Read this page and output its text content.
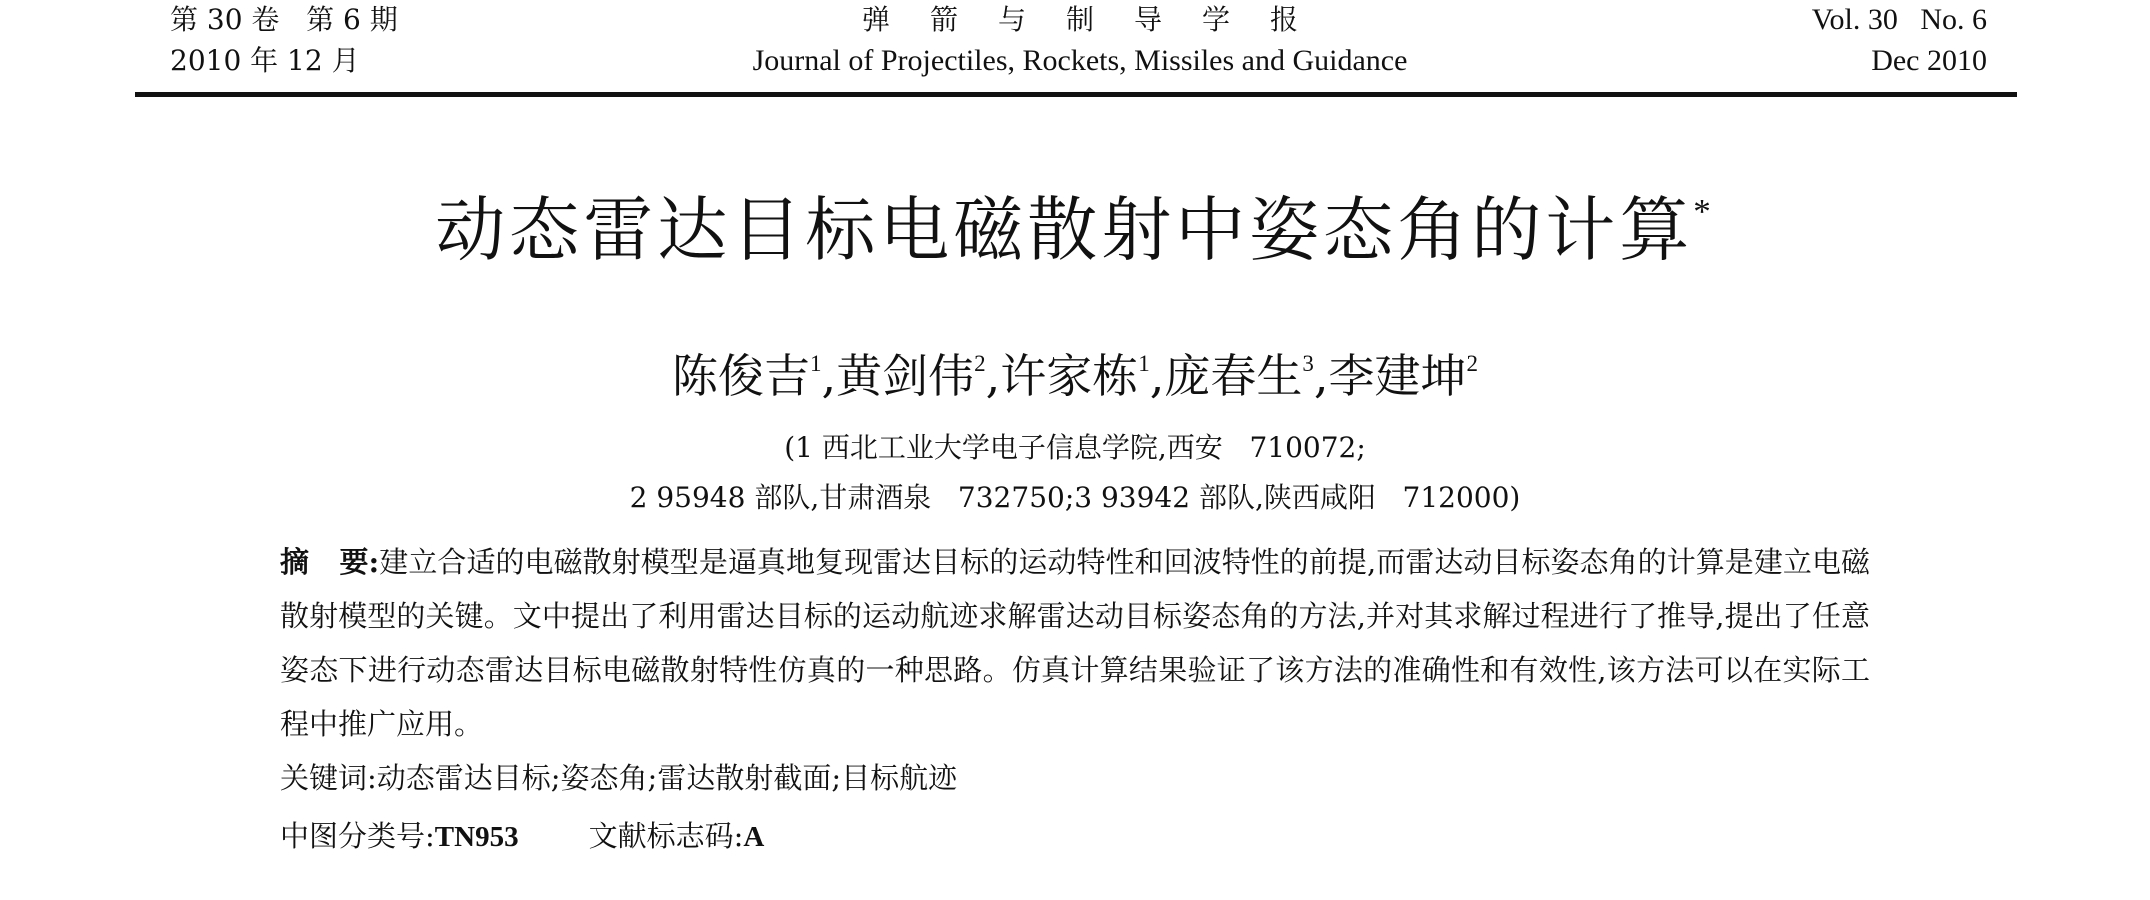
第 30 卷   第 6 期
2010 年 12 月
弹箭与制导学报
Journal of Projectiles, Rockets, Missiles and Guidance
Vol. 30   No. 6
Dec 2010
动态雷达目标电磁散射中姿态角的计算*
陈俊吉$^1$,黄剑伟$^2$,许家栋$^1$,庞春生$^3$,李建坤$^2$
(1 西北工业大学电子信息学院,西安   710072;
2 95948 部队,甘肃酒泉   732750;3 93942 部队,陕西咸阳   712000)
摘   要:建立合适的电磁散射模型是逼真地复现雷达目标的运动特性和回波特性的前提,而雷达动目标姿态角的计算是建立电磁散射模型的关键。文中提出了利用雷达目标的运动航迹求解雷达动目标姿态角的方法,并对其求解过程进行了推导,提出了任意姿态下进行动态雷达目标电磁散射特性仿真的一种思路。仿真计算结果验证了该方法的准确性和有效性,该方法可以在实际工程中推广应用。
关键词:动态雷达目标;姿态角;雷达散射截面;目标航迹
中图分类号:TN953 文献标志码:A
